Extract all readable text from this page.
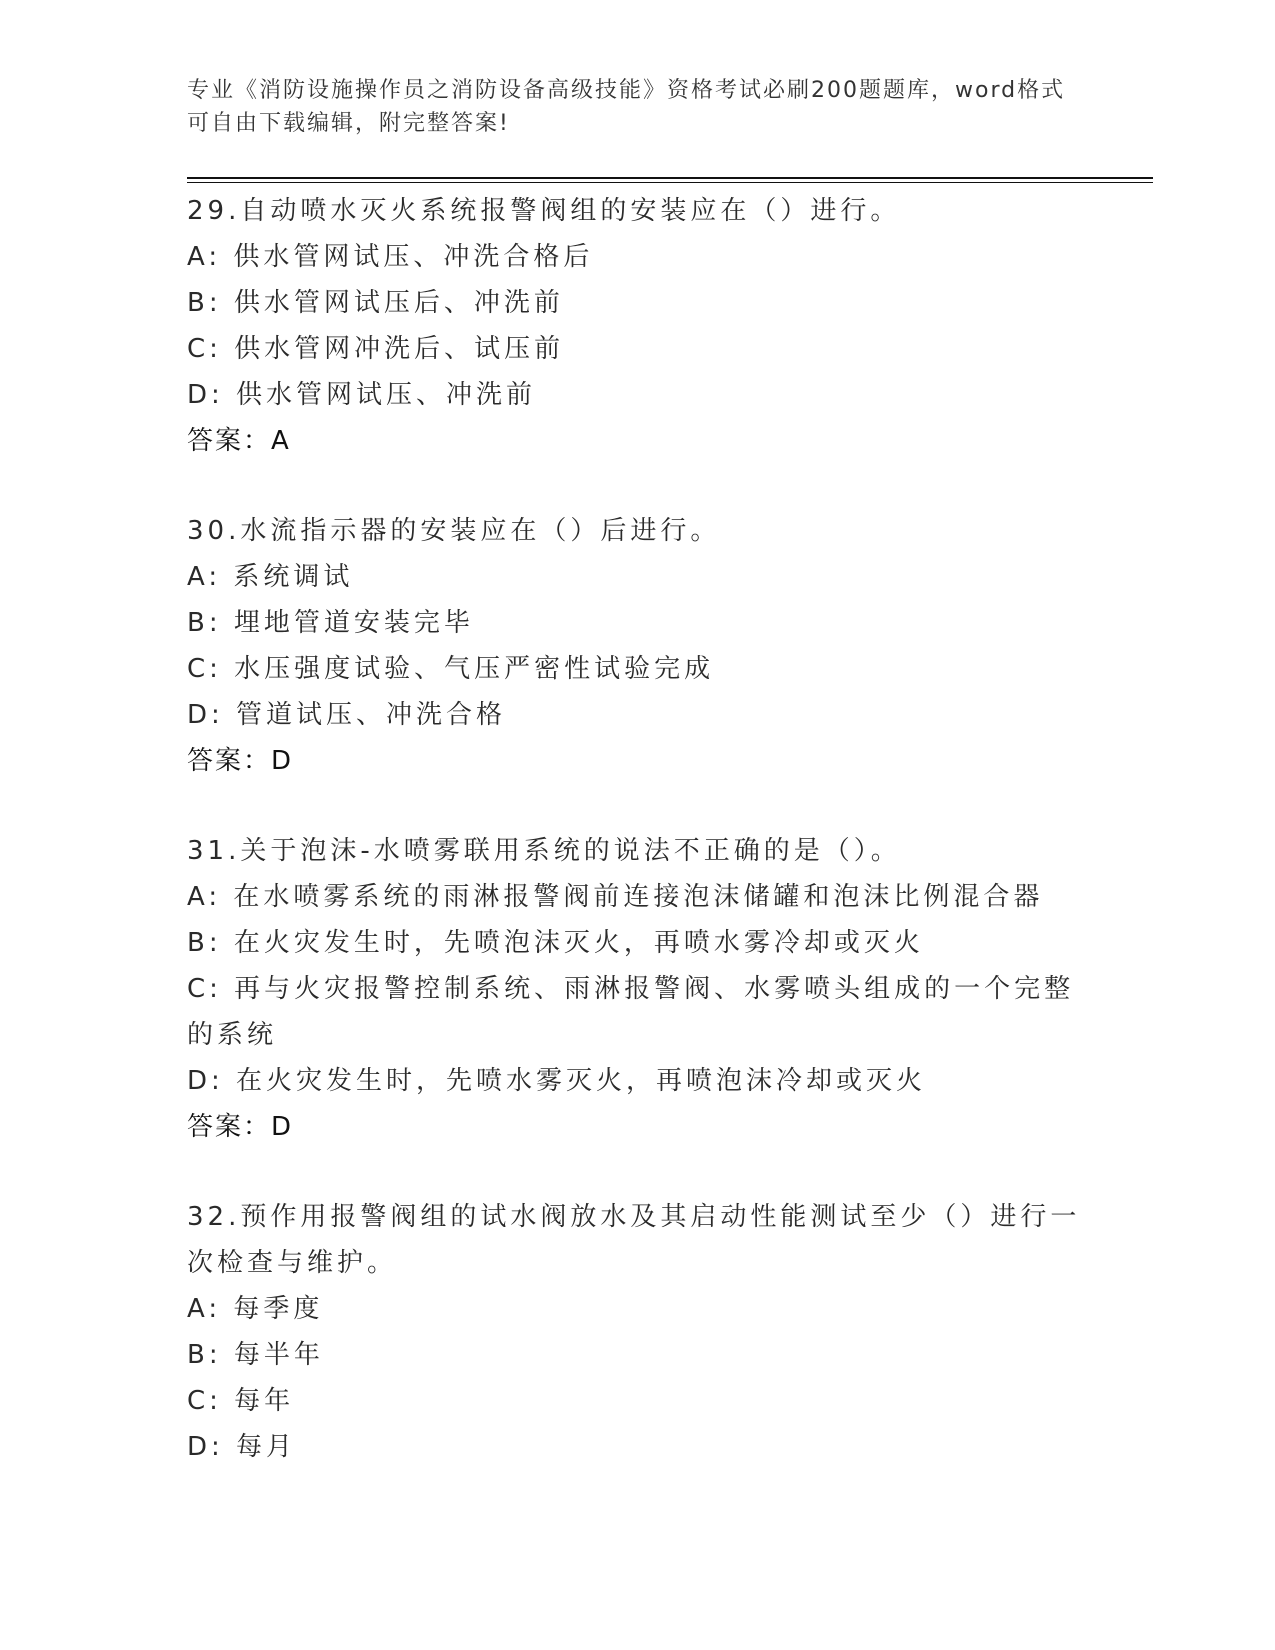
专业《消防设施操作员之消防设备高级技能》资格考试必刷200题题库，word格式可自由下载编辑，附完整答案!
29.自动喷水灭火系统报警阀组的安装应在（）进行。
A: 供水管网试压、冲洗合格后
B: 供水管网试压后、冲洗前
C: 供水管网冲洗后、试压前
D: 供水管网试压、冲洗前
答案：A
30.水流指示器的安装应在（）后进行。
A: 系统调试
B: 埋地管道安装完毕
C: 水压强度试验、气压严密性试验完成
D: 管道试压、冲洗合格
答案：D
31.关于泡沫-水喷雾联用系统的说法不正确的是（）。
A: 在水喷雾系统的雨淋报警阀前连接泡沫储罐和泡沫比例混合器
B: 在火灾发生时，先喷泡沫灭火，再喷水雾冷却或灭火
C: 再与火灾报警控制系统、雨淋报警阀、水雾喷头组成的一个完整的系统
D: 在火灾发生时，先喷水雾灭火，再喷泡沫冷却或灭火
答案：D
32.预作用报警阀组的试水阀放水及其启动性能测试至少（）进行一次检查与维护。
A: 每季度
B: 每半年
C: 每年
D: 每月
